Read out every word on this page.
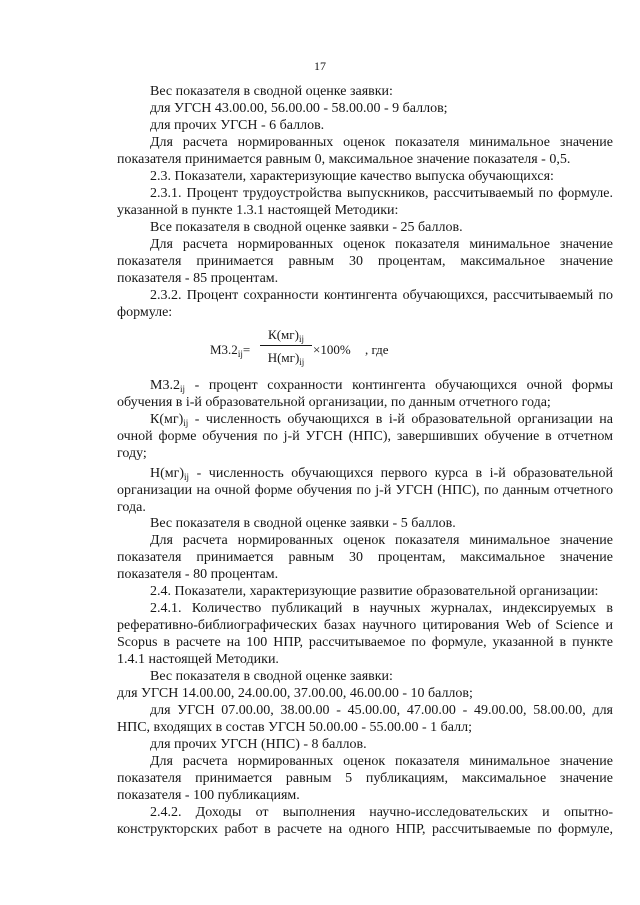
17
Вес показателя в сводной оценке заявки:
для УГСН 43.00.00, 56.00.00 - 58.00.00 - 9 баллов;
для прочих УГСН - 6 баллов.
Для расчета нормированных оценок показателя минимальное значение
показателя принимается равным 0, максимальное значение показателя - 0,5.
2.3. Показатели, характеризующие качество выпуска обучающихся:
2.3.1. Процент трудоустройства выпускников, рассчитываемый по формуле.
указанной в пункте 1.3.1 настоящей Методики:
Все показателя в сводной оценке заявки - 25 баллов.
Для расчета нормированных оценок показателя минимальное значение
показателя принимается равным 30 процентам, максимальное значение
показателя - 85 процентам.
2.3.2. Процент сохранности контингента обучающихся, рассчитываемый по
формуле:
$М3.2_{ij}=$
$К(мг)_{ij}$
$Н(мг)_{ij}$
×100% , где
$М3.2_{ij}$ - процент сохранности контингента обучающихся очной формы
обучения в i-й образовательной организации, по данным отчетного года;
$К(мг)_{ij}$ - численность обучающихся в i-й образовательной организации на
очной форме обучения по j-й УГСН (НПС), завершивших обучение в отчетном
году;
$Н(мг)_{ij}$ - численность обучающихся первого курса в i-й образовательной
организации на очной форме обучения по j-й УГСН (НПС), по данным отчетного
года.
Вес показателя в сводной оценке заявки - 5 баллов.
Для расчета нормированных оценок показателя минимальное значение
показателя принимается равным 30 процентам, максимальное значение
показателя - 80 процентам.
2.4. Показатели, характеризующие развитие образовательной организации:
2.4.1. Количество публикаций в научных журналах, индексируемых в
реферативно-библиографических базах научного цитирования Web of Science и
Scopus в расчете на 100 НПР, рассчитываемое по формуле, указанной в пункте
1.4.1 настоящей Методики.
Вес показателя в сводной оценке заявки:
для УГСН 14.00.00, 24.00.00, 37.00.00, 46.00.00 - 10 баллов;
для УГСН 07.00.00, 38.00.00 - 45.00.00, 47.00.00 - 49.00.00, 58.00.00, для
НПС, входящих в состав УГСН 50.00.00 - 55.00.00 - 1 балл;
для прочих УГСН (НПС) - 8 баллов.
Для расчета нормированных оценок показателя минимальное значение
показателя принимается равным 5 публикациям, максимальное значение
показателя - 100 публикациям.
2.4.2. Доходы от выполнения научно-исследовательских и опытно-
конструкторских работ в расчете на одного НПР, рассчитываемые по формуле,
